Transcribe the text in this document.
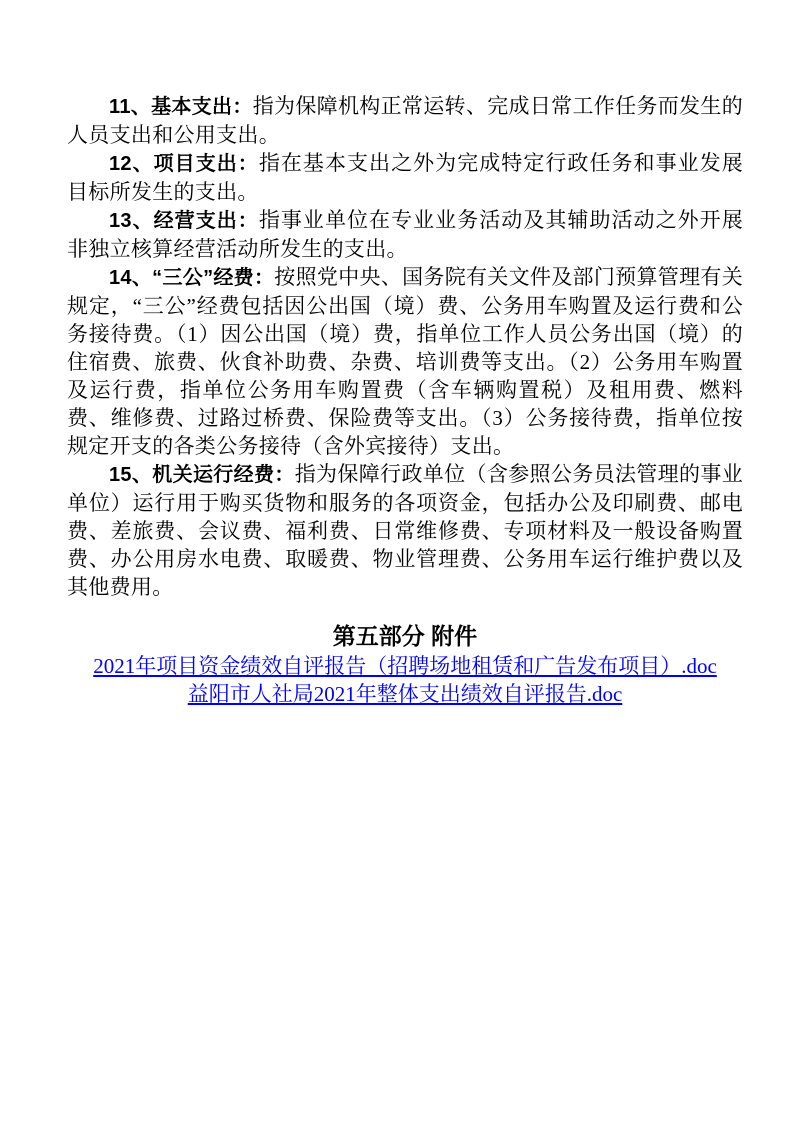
11、基本支出：指为保障机构正常运转、完成日常工作任务而发生的人员支出和公用支出。

12、项目支出：指在基本支出之外为完成特定行政任务和事业发展目标所发生的支出。

13、经营支出：指事业单位在专业业务活动及其辅助活动之外开展非独立核算经营活动所发生的支出。

14、“三公”经费：按照党中央、国务院有关文件及部门预算管理有关规定，“三公”经费包括因公出国（境）费、公务用车购置及运行费和公务接待费。（1）因公出国（境）费，指单位工作人员公务出国（境）的住宿费、旅费、伙食补助费、杂费、培训费等支出。（2）公务用车购置及运行费，指单位公务用车购置费（含车辆购置税）及租用费、燃料费、维修费、过路过桥费、保险费等支出。（3）公务接待费，指单位按规定开支的各类公务接待（含外宾接待）支出。

15、机关运行经费：指为保障行政单位（含参照公务员法管理的事业单位）运行用于购买货物和服务的各项资金，包括办公及印刷费、邮电费、差旅费、会议费、福利费、日常维修费、专项材料及一般设备购置费、办公用房水电费、取暖费、物业管理费、公务用车运行维护费以及其他费用。

第五部分 附件

2021年项目资金绩效自评报告（招聘场地租赁和广告发布项目）.doc

益阳市人社局2021年整体支出绩效自评报告.doc
